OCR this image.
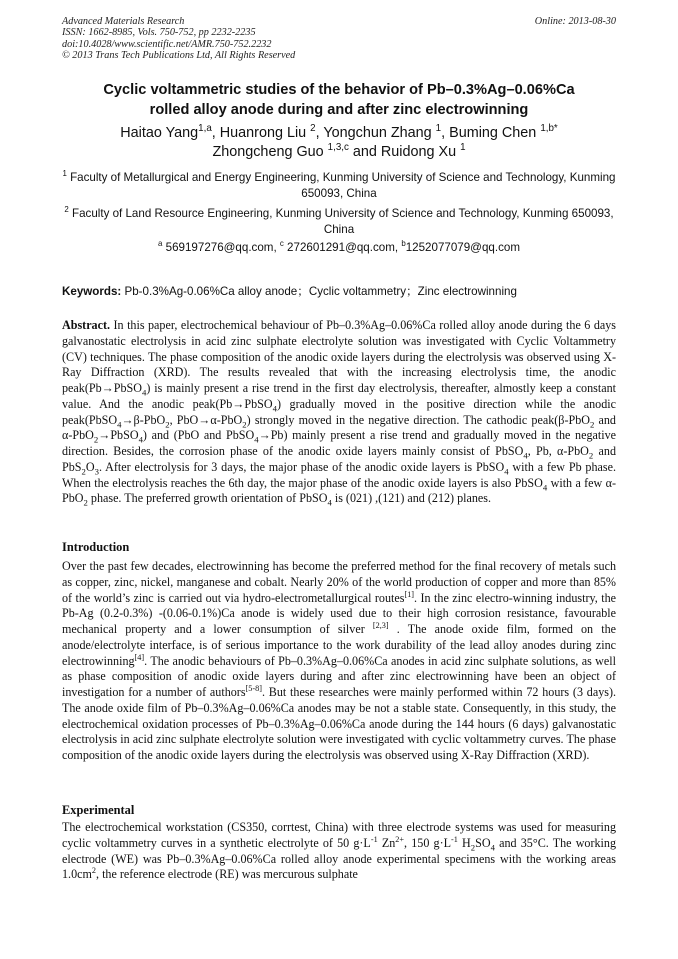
Advanced Materials Research
ISSN: 1662-8985, Vols. 750-752, pp 2232-2235
doi:10.4028/www.scientific.net/AMR.750-752.2232
© 2013 Trans Tech Publications Ltd, All Rights Reserved
Online: 2013-08-30
Cyclic voltammetric studies of the behavior of Pb–0.3%Ag–0.06%Ca
rolled alloy anode during and after zinc electrowinning
Haitao Yang$^{1,a}$, Huanrong Liu $^2$, Yongchun Zhang $^1$, Buming Chen $^{1,b*}$
Zhongcheng Guo $^{1,3,c}$ and Ruidong Xu $^1$
$^1$ Faculty of Metallurgical and Energy Engineering, Kunming University of Science and Technology, Kunming 650093, China
$^2$ Faculty of Land Resource Engineering, Kunming University of Science and Technology, Kunming 650093, China
$^a$ 569197276@qq.com, $^c$ 272601291@qq.com, $^b$1252077079@qq.com
Keywords: Pb-0.3%Ag-0.06%Ca alloy anode；Cyclic voltammetry；Zinc electrowinning
Abstract. In this paper, electrochemical behaviour of Pb–0.3%Ag–0.06%Ca rolled alloy anode during the 6 days galvanostatic electrolysis in acid zinc sulphate electrolyte solution was investigated with Cyclic Voltammetry (CV) techniques. The phase composition of the anodic oxide layers during the electrolysis was observed using X-Ray Diffraction (XRD). The results revealed that with the increasing electrolysis time, the anodic peak(Pb→PbSO$_4$) is mainly present a rise trend in the first day electrolysis, thereafter, almostly keep a constant value. And the anodic peak(Pb→PbSO$_4$) gradually moved in the positive direction while the anodic peak(PbSO$_4$→β-PbO$_2$, PbO→α-PbO$_2$) strongly moved in the negative direction. The cathodic peak(β-PbO$_2$ and α-PbO$_2$→PbSO$_4$) and (PbO and PbSO$_4$→Pb) mainly present a rise trend and gradually moved in the negative direction. Besides, the corrosion phase of the anodic oxide layers mainly consist of PbSO$_4$, Pb, α-PbO$_2$ and $PbS_2O_3$. After electrolysis for 3 days, the major phase of the anodic oxide layers is PbSO$_4$ with a few Pb phase. When the electrolysis reaches the 6th day, the major phase of the anodic oxide layers is also PbSO$_4$ with a few α-PbO$_2$ phase. The preferred growth orientation of PbSO$_4$ is (021) ,(121) and (212) planes.
Introduction
Over the past few decades, electrowinning has become the preferred method for the final recovery of metals such as copper, zinc, nickel, manganese and cobalt. Nearly 20% of the world production of copper and more than 85% of the world’s zinc is carried out via hydro-electrometallurgical routes[1]. In the zinc electro-winning industry, the Pb-Ag (0.2-0.3%) -(0.06-0.1%)Ca anode is widely used due to their high corrosion resistance, favourable mechanical property and a lower consumption of silver [2,3] . The anode oxide film, formed on the anode/electrolyte interface, is of serious importance to the work durability of the lead alloy anodes during zinc electrowinning[4]. The anodic behaviours of Pb–0.3%Ag–0.06%Ca anodes in acid zinc sulphate solutions, as well as phase composition of anodic oxide layers during and after zinc electrowinning have been an object of investigation for a number of authors[5-8]. But these researches were mainly performed within 72 hours (3 days). The anode oxide film of Pb–0.3%Ag–0.06%Ca anodes may be not a stable state. Consequently, in this study, the electrochemical oxidation processes of Pb–0.3%Ag–0.06%Ca anode during the 144 hours (6 days) galvanostatic electrolysis in acid zinc sulphate electrolyte solution were investigated with cyclic voltammetry curves. The phase composition of the anodic oxide layers during the electrolysis was observed using X-Ray Diffraction (XRD).
Experimental
The electrochemical workstation (CS350, corrtest, China) with three electrode systems was used for measuring cyclic voltammetry curves in a synthetic electrolyte of 50 $g\cdot L^{-1}$ $Zn^{2+}$, 150 $g\cdot L^{-1}$ $H_2SO_4$ and 35°C. The working electrode (WE) was Pb–0.3%Ag–0.06%Ca rolled alloy anode experimental specimens with the working areas $1.0cm^2$, the reference electrode (RE) was mercurous sulphate
